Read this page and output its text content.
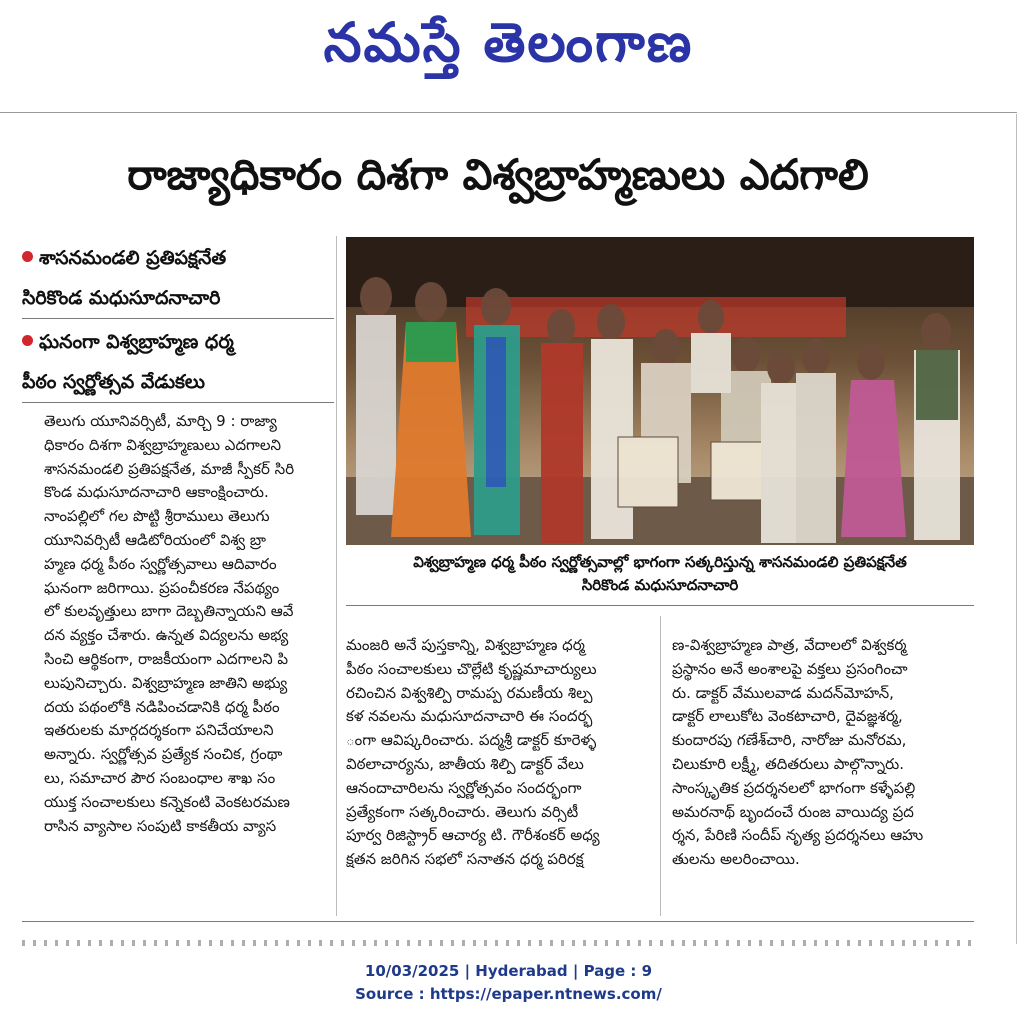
నమస్తే తెలంగాణ
రాజ్యాధికారం దిశగా విశ్వబ్రాహ్మణులు ఎదగాలి
శాసనమండలి ప్రతిపక్షనేత
సిరికొండ మధుసూదనాచారి
ఘనంగా విశ్వబ్రాహ్మణ ధర్మ
పీఠం స్వర్ణోత్సవ వేడుకలు

తెలుగు యూనివర్సిటీ, మార్చి 9 : రాజ్యా

ధికారం దిశగా విశ్వబ్రాహ్మణులు ఎదగాలని

శాసనమండలి ప్రతిపక్షనేత, మాజీ స్పీకర్ సిరి

కొండ మధుసూదనాచారి ఆకాంక్షించారు.

నాంపల్లిలో గల పొట్టి శ్రీరాములు తెలుగు

యూనివర్సిటీ ఆడిటోరియంలో విశ్వ బ్రా

హ్మణ ధర్మ పీఠం స్వర్ణోత్సవాలు ఆదివారం

ఘనంగా జరిగాయి. ప్రపంచీకరణ నేపథ్యం

లో కులవృత్తులు బాగా దెబ్బతిన్నాయని ఆవే

దన వ్యక్తం చేశారు. ఉన్నత విద్యలను అభ్య

సించి ఆర్థికంగా, రాజకీయంగా ఎదగాలని పి

లుపునిచ్చారు. విశ్వబ్రాహ్మణ జాతిని అభ్యు

దయ పథంలోకి నడిపించడానికి ధర్మ పీఠం

ఇతరులకు మార్గదర్శకంగా పనిచేయాలని

అన్నారు. స్వర్ణోత్సవ ప్రత్యేక సంచిక, గ్రంథా

లు, సమాచార పౌర సంబంధాల శాఖ సం

యుక్త సంచాలకులు కన్నెకంటి వెంకటరమణ

రాసిన వ్యాసాల సంపుటి కాకతీయ వ్యాస

విశ్వబ్రాహ్మణ ధర్మ పీఠం స్వర్ణోత్సవాల్లో భాగంగా సత్కరిస్తున్న శాసనమండలి ప్రతిపక్షనేత
సిరికొండ మధుసూదనాచారి

మంజరి అనే పుస్తకాన్ని, విశ్వబ్రాహ్మణ ధర్మ

పీఠం సంచాలకులు చొల్లేటి కృష్ణమాచార్యులు

రచించిన విశ్వశిల్పి రామప్ప రమణీయ శిల్ప

కళ నవలను మధుసూదనాచారి ఈ సందర్భ

ంగా ఆవిష్కరించారు. పద్మశ్రీ డాక్టర్ కూరెళ్ళ

విఠలాచార్యను, జాతీయ శిల్పి డాక్టర్ వేలు

ఆనందాచారిలను స్వర్ణోత్సవం సందర్భంగా

ప్రత్యేకంగా సత్కరించారు. తెలుగు వర్సిటీ

పూర్వ రిజిస్ట్రార్ ఆచార్య టి. గౌరీశంకర్ అధ్య

క్షతన జరిగిన సభలో సనాతన ధర్మ పరిరక్ష

ణ-విశ్వబ్రాహ్మణ పాత్ర, వేదాలలో విశ్వకర్మ

ప్రస్థానం అనే అంశాలపై వక్తలు ప్రసంగించా

రు. డాక్టర్ వేములవాడ మదన్‌మోహన్,

డాక్టర్ లాలుకోట వెంకటాచారి, దైవజ్ఞశర్మ,

కుందారపు గణేశ్‌చారి, నారోజు మనోరమ,

చిలుకూరి లక్ష్మీ, తదితరులు పాల్గొన్నారు.

సాంస్కృతిక ప్రదర్శనలలో భాగంగా కళ్ళేపల్లి

అమరనాథ్ బృందంచే రుంజ వాయిద్య ప్రద

ర్శన, పేరిణి సందీప్ నృత్య ప్రదర్శనలు ఆహు

తులను అలరించాయి.

10/03/2025 | Hyderabad | Page : 9
Source : https://epaper.ntnews.com/
